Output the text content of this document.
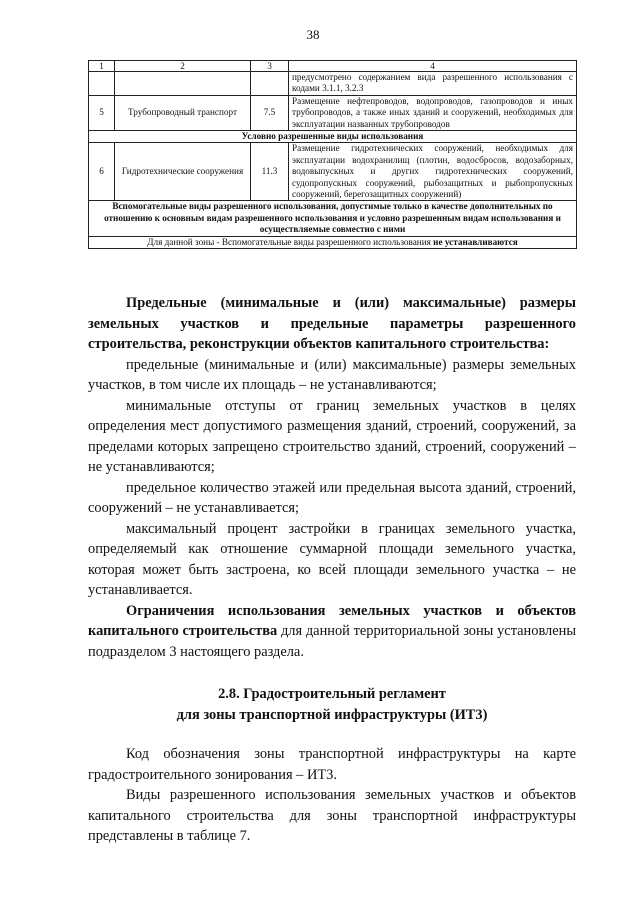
38
1	2	3	4
			предусмотрено содержанием вида разрешенного использования с кодами 3.1.1, 3.2.3
5	Трубопроводный транспорт	7.5	Размещение нефтепроводов, водопроводов, газопроводов и иных трубопроводов, а также иных зданий и сооружений, необходимых для эксплуатации названных трубопроводов
Условно разрешенные виды использования			
6	Гидротехнические сооружения	11.3	Размещение гидротехнических сооружений, необходимых для эксплуатации водохранилищ (плотин, водосбросов, водозаборных, водовыпускных и других гидротехнических сооружений, судопропускных сооружений, рыбозащитных и рыбопропускных сооружений, берегозащитных сооружений)
Вспомогательные виды разрешенного использования, допустимые только в качестве дополнительных по отношению к основным видам разрешенного использования и условно разрешенным видам использования и осуществляемые совместно с ними			
Для данной зоны - Вспомогательные виды разрешенного использования не устанавливаются			

Предельные (минимальные и (или) максимальные) размеры земельных участков и предельные параметры разрешенного строительства, реконструкции объектов капитального строительства:

предельные (минимальные и (или) максимальные) размеры земельных участков, в том числе их площадь – не устанавливаются;

минимальные отступы от границ земельных участков в целях определения мест допустимого размещения зданий, строений, сооружений, за пределами которых запрещено строительство зданий, строений, сооружений – не устанавливаются;

предельное количество этажей или предельная высота зданий, строений, сооружений – не устанавливается;

максимальный процент застройки в границах земельного участка, определяемый как отношение суммарной площади земельного участка, которая может быть застроена, ко всей площади земельного участка – не устанавливается.

Ограничения использования земельных участков и объектов капитального строительства для данной территориальной зоны установлены подразделом 3 настоящего раздела.

2.8. Градостроительный регламент
для зоны транспортной инфраструктуры (ИТ3)

Код обозначения зоны транспортной инфраструктуры на карте градостроительного зонирования – ИТ3.

Виды разрешенного использования земельных участков и объектов капитального строительства для зоны транспортной инфраструктуры представлены в таблице 7.
